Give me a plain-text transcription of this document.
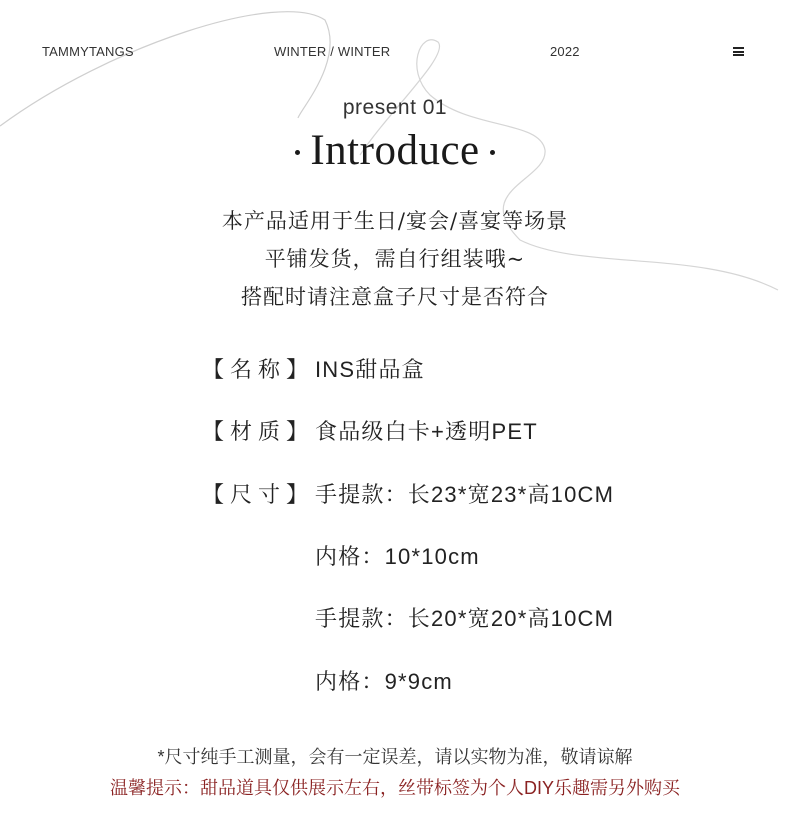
TAMMYTANGS	WINTER / WINTER	2022
present 01
Introduce
本产品适用于生日/宴会/喜宴等场景
平铺发货，需自行组装哦~
搭配时请注意盒子尺寸是否符合
【名称】 INS甜品盒
【材质】 食品级白卡+透明PET
【尺寸】 手提款：长23*宽23*高10CM
内格：10*10cm
手提款：长20*宽20*高10CM
内格：9*9cm
*尺寸纯手工测量，会有一定误差，请以实物为准，敬请谅解
温馨提示：甜品道具仅供展示左右，丝带标签为个人DIY乐趣需另外购买
